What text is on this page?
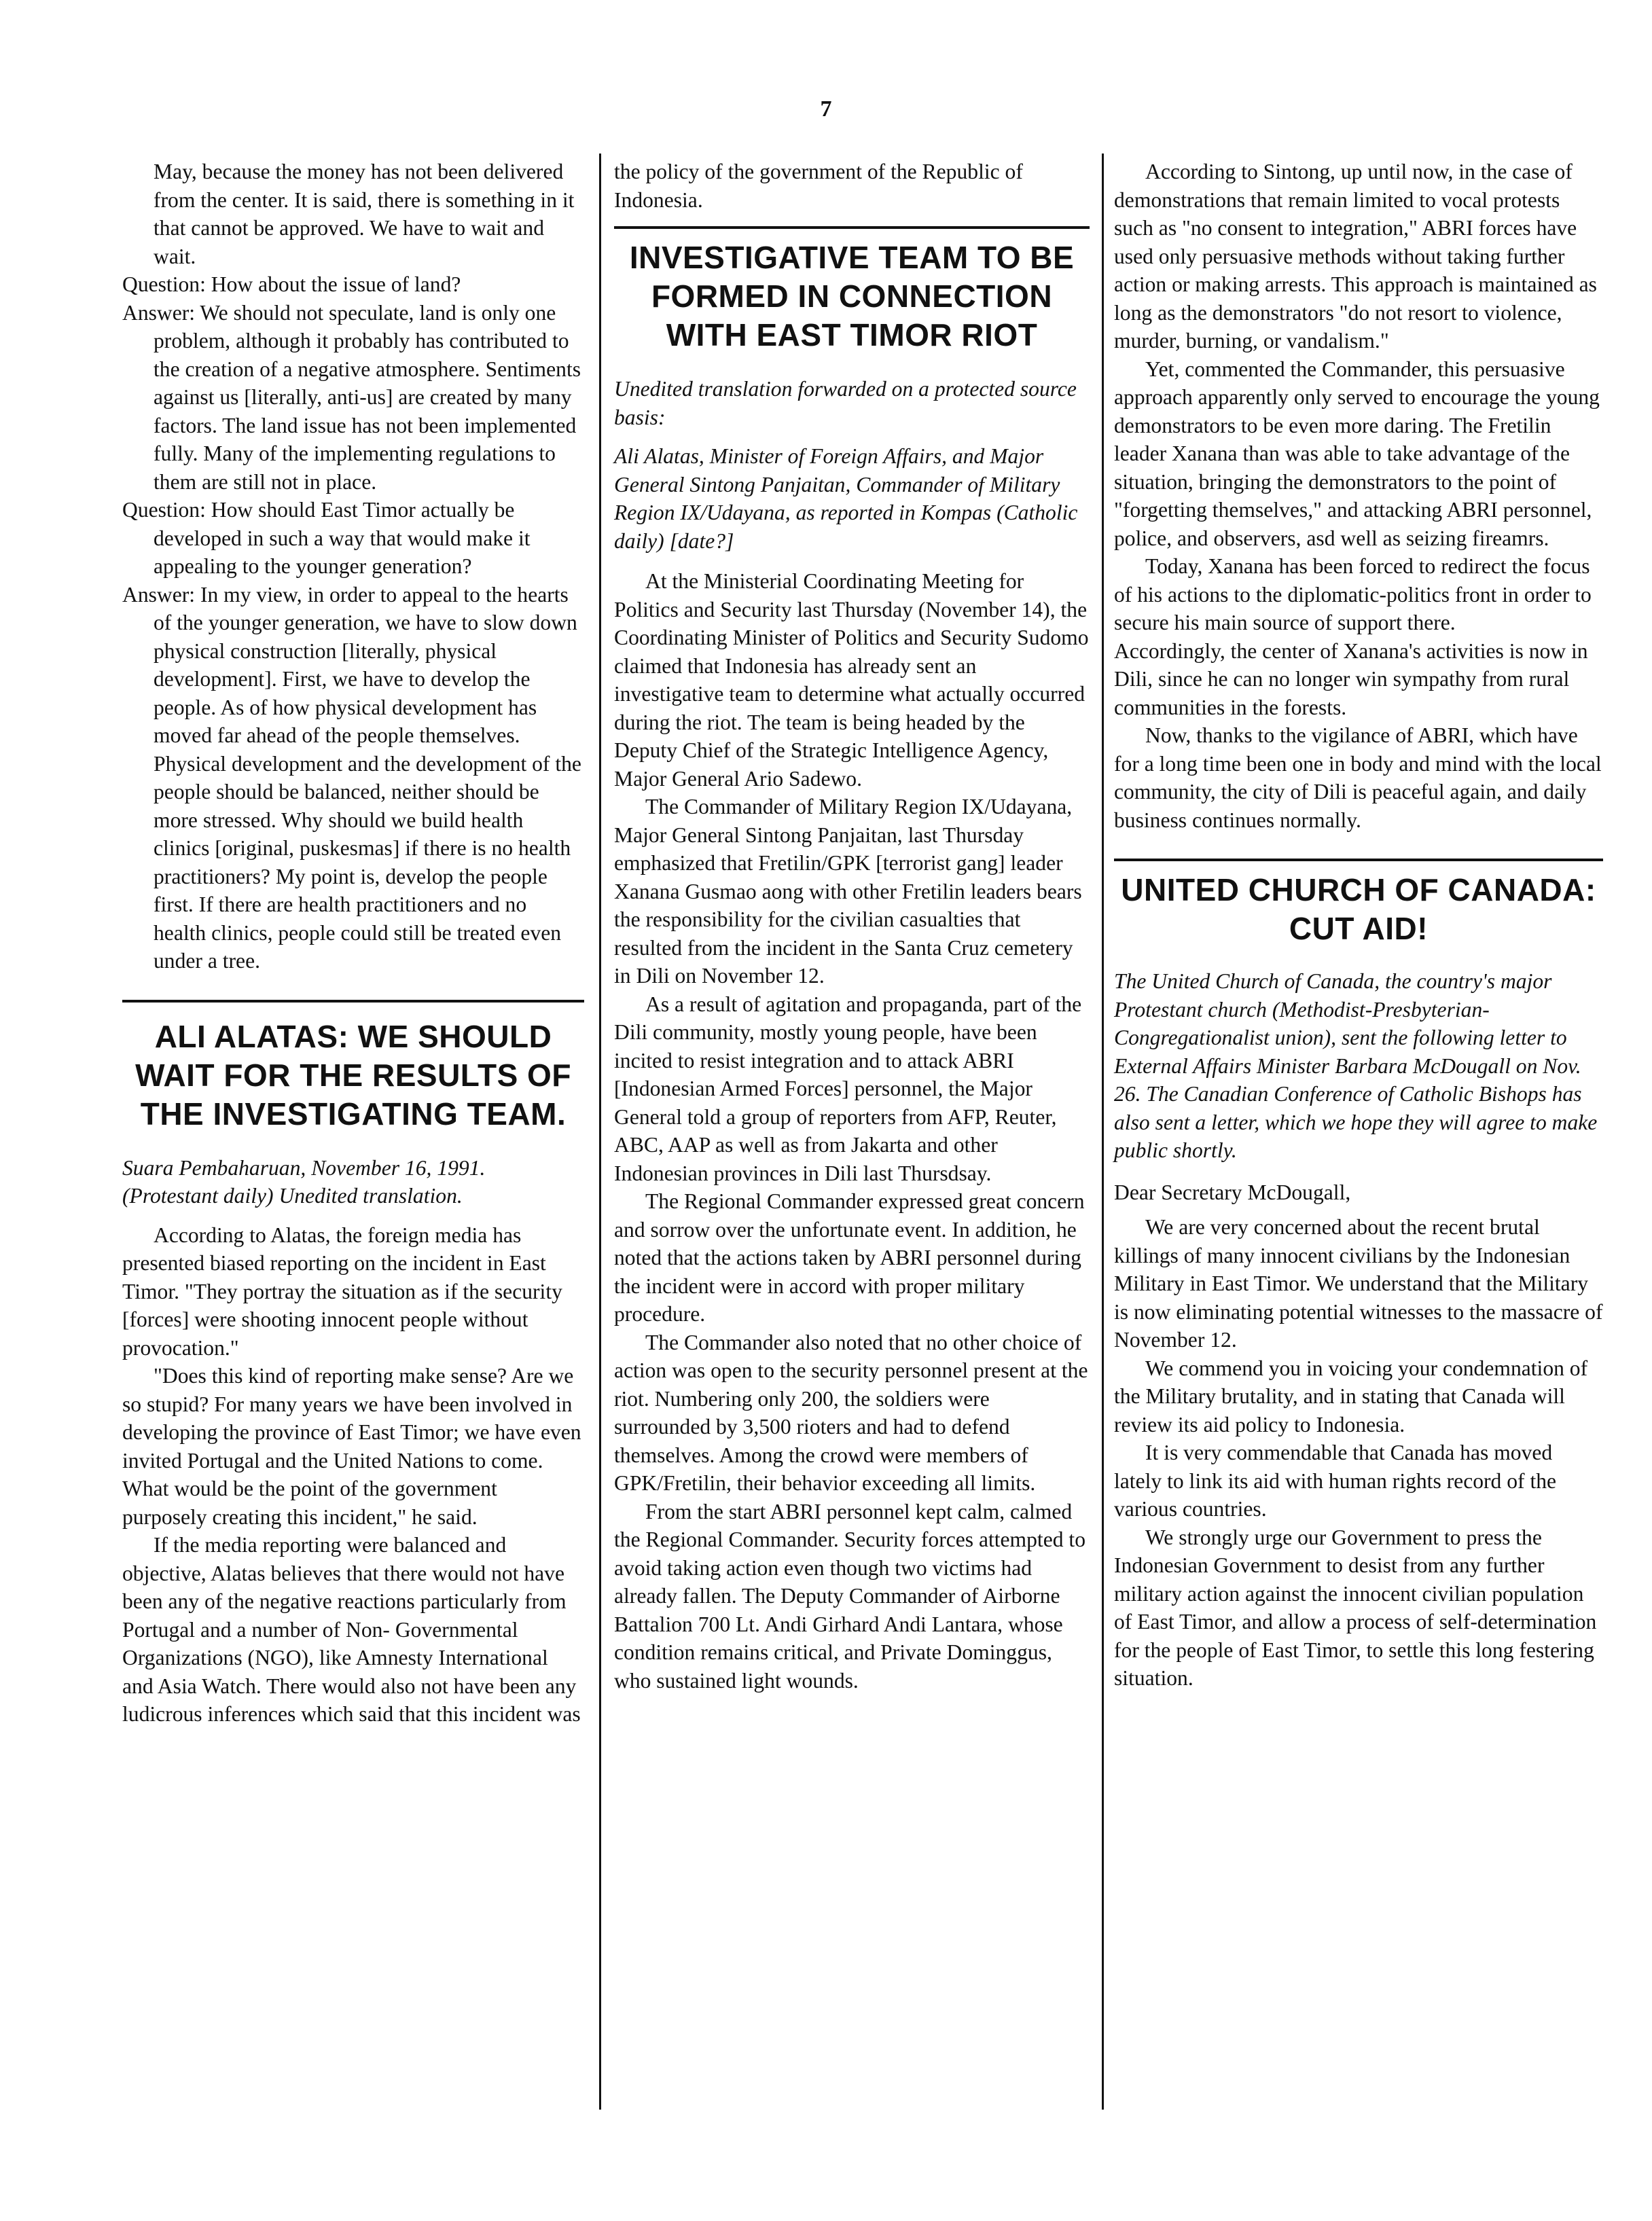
7

May, because the money has not been delivered from the center. It is said, there is something in it that cannot be approved. We have to wait and wait.

Question: How about the issue of land?

Answer: We should not speculate, land is only one problem, although it probably has contributed to the creation of a negative atmosphere. Sentiments against us [literally, anti-us] are created by many factors. The land issue has not been implemented fully. Many of the implementing regulations to them are still not in place.

Question: How should East Timor actually be developed in such a way that would make it appealing to the younger generation?

Answer: In my view, in order to appeal to the hearts of the younger generation, we have to slow down physical construction [literally, physical development]. First, we have to develop the people. As of how physical development has moved far ahead of the people themselves. Physical development and the development of the people should be balanced, neither should be more stressed. Why should we build health clinics [original, puskesmas] if there is no health practitioners? My point is, develop the people first. If there are health practitioners and no health clinics, people could still be treated even under a tree.

ALI ALATAS: WE SHOULD WAIT FOR THE RESULTS OF THE INVESTIGATING TEAM.

Suara Pembaharuan, November 16, 1991. (Protestant daily) Unedited translation.

According to Alatas, the foreign media has presented biased reporting on the incident in East Timor. "They portray the situation as if the security [forces] were shooting innocent people without provocation."

"Does this kind of reporting make sense? Are we so stupid? For many years we have been involved in developing the province of East Timor; we have even invited Portugal and the United Nations to come. What would be the point of the government purposely creating this incident," he said.

If the media reporting were balanced and objective, Alatas believes that there would not have been any of the negative reactions particularly from Portugal and a number of Non- Governmental Organizations (NGO), like Amnesty International and Asia Watch. There would also not have been any ludicrous inferences which said that this incident was

the policy of the government of the Republic of Indonesia.

INVESTIGATIVE TEAM TO BE FORMED IN CONNECTION WITH EAST TIMOR RIOT

Unedited translation forwarded on a protected source basis:

Ali Alatas, Minister of Foreign Affairs, and Major General Sintong Panjaitan, Commander of Military Region IX/Udayana, as reported in Kompas (Catholic daily) [date?]

At the Ministerial Coordinating Meeting for Politics and Security last Thursday (November 14), the Coordinating Minister of Politics and Security Sudomo claimed that Indonesia has already sent an investigative team to determine what actually occurred during the riot. The team is being headed by the Deputy Chief of the Strategic Intelligence Agency, Major General Ario Sadewo.

The Commander of Military Region IX/Udayana, Major General Sintong Panjaitan, last Thursday emphasized that Fretilin/GPK [terrorist gang] leader Xanana Gusmao aong with other Fretilin leaders bears the responsibility for the civilian casualties that resulted from the incident in the Santa Cruz cemetery in Dili on November 12.

As a result of agitation and propaganda, part of the Dili community, mostly young people, have been incited to resist integration and to attack ABRI [Indonesian Armed Forces] personnel, the Major General told a group of reporters from AFP, Reuter, ABC, AAP as well as from Jakarta and other Indonesian provinces in Dili last Thursdsay.

The Regional Commander expressed great concern and sorrow over the unfortunate event. In addition, he noted that the actions taken by ABRI personnel during the incident were in accord with proper military procedure.

The Commander also noted that no other choice of action was open to the security personnel present at the riot. Numbering only 200, the soldiers were surrounded by 3,500 rioters and had to defend themselves. Among the crowd were members of GPK/Fretilin, their behavior exceeding all limits.

From the start ABRI personnel kept calm, calmed the Regional Commander. Security forces attempted to avoid taking action even though two victims had already fallen. The Deputy Commander of Airborne Battalion 700 Lt. Andi Girhard Andi Lantara, whose condition remains critical, and Private Dominggus, who sustained light wounds.

According to Sintong, up until now, in the case of demonstrations that remain limited to vocal protests such as "no consent to integration," ABRI forces have used only persuasive methods without taking further action or making arrests. This approach is maintained as long as the demonstrators "do not resort to violence, murder, burning, or vandalism."

Yet, commented the Commander, this persuasive approach apparently only served to encourage the young demonstrators to be even more daring. The Fretilin leader Xanana than was able to take advantage of the situation, bringing the demonstrators to the point of "forgetting themselves," and attacking ABRI personnel, police, and observers, asd well as seizing fireamrs.

Today, Xanana has been forced to redirect the focus of his actions to the diplomatic-politics front in order to secure his main source of support there.

Accordingly, the center of Xanana's activities is now in Dili, since he can no longer win sympathy from rural communities in the forests.

Now, thanks to the vigilance of ABRI, which have for a long time been one in body and mind with the local community, the city of Dili is peaceful again, and daily business continues normally.

UNITED CHURCH OF CANADA: CUT AID!

The United Church of Canada, the country's major Protestant church (Methodist-Presbyterian-Congregationalist union), sent the following letter to External Affairs Minister Barbara McDougall on Nov. 26. The Canadian Conference of Catholic Bishops has also sent a letter, which we hope they will agree to make public shortly.

Dear Secretary McDougall,

We are very concerned about the recent brutal killings of many innocent civilians by the Indonesian Military in East Timor. We understand that the Military is now eliminating potential witnesses to the massacre of November 12.

We commend you in voicing your condemnation of the Military brutality, and in stating that Canada will review its aid policy to Indonesia.

It is very commendable that Canada has moved lately to link its aid with human rights record of the various countries.

We strongly urge our Government to press the Indonesian Government to desist from any further military action against the innocent civilian population of East Timor, and allow a process of self-determination for the people of East Timor, to settle this long festering situation.
